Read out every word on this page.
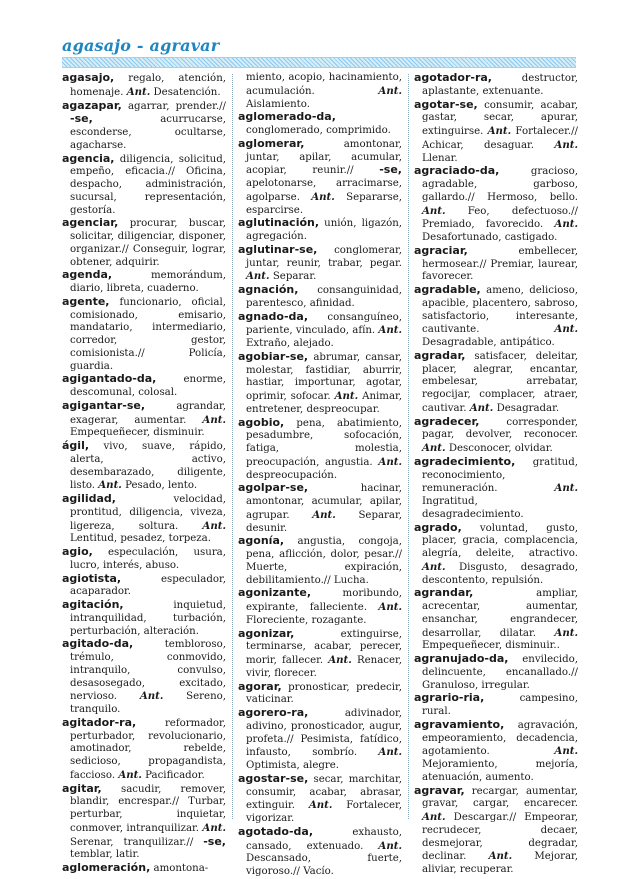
agasajo - agravar

agasajo, regalo, atención, homenaje. Ant. Desatención.

agazapar, agarrar, prender.// -se, acurrucarse, esconderse, ocultarse, agacharse.

agencia, diligencia, solicitud, empeño, eficacia.// Oficina, despacho, administración, sucursal, representación, gestoría.

agenciar, procurar, buscar, solicitar, diligenciar, disponer, organizar.// Conseguir, lograr, obtener, adquirir.

agenda, memorándum, diario, libreta, cuaderno.

agente, funcionario, oficial, comisionado, emisario, mandatario, intermediario, corredor, gestor, comisionista.// Policía, guardia.

agigantado-da, enorme, descomunal, colosal.

agigantar-se, agrandar, exagerar, aumentar. Ant. Empequeñecer, disminuir.

ágil, vivo, suave, rápido, alerta, activo, desembarazado, diligente, listo. Ant. Pesado, lento.

agilidad, velocidad, prontitud, diligencia, viveza, ligereza, soltura. Ant. Lentitud, pesadez, torpeza.

agio, especulación, usura, lucro, interés, abuso.

agiotista, especulador, acaparador.

agitación, inquietud, intranquilidad, turbación, perturbación, alteración.

agitado-da, tembloroso, trémulo, conmovido, intranquilo, convulso, desasosegado, excitado, nervioso. Ant. Sereno, tranquilo.

agitador-ra, reformador, perturbador, revolucionario, amotinador, rebelde, sedicioso, propagandista, faccioso. Ant. Pacificador.

agitar, sacudir, remover, blandir, encrespar.// Turbar, perturbar, inquietar, conmover, intranquilizar. Ant. Serenar, tranquilizar.// -se, temblar, latir.

aglomeración, amontona-

miento, acopio, hacinamiento, acumulación. Ant. Aislamiento.

aglomerado-da, conglomerado, comprimido.

aglomerar, amontonar, juntar, apilar, acumular, acopiar, reunir.// -se, apelotonarse, arracimarse, agolparse. Ant. Separarse, esparcirse.

aglutinación, unión, ligazón, agregación.

aglutinar-se, conglomerar, juntar, reunir, trabar, pegar. Ant. Separar.

agnación, consanguinidad, parentesco, afinidad.

agnado-da, consanguíneo, pariente, vinculado, afín. Ant. Extraño, alejado.

agobiar-se, abrumar, cansar, molestar, fastidiar, aburrir, hastiar, importunar, agotar, oprimir, sofocar. Ant. Animar, entretener, despreocupar.

agobio, pena, abatimiento, pesadumbre, sofocación, fatiga, molestia, preocupación, angustia. Ant. despreocupación.

agolpar-se, hacinar, amontonar, acumular, apilar, agrupar. Ant. Separar, desunir.

agonía, angustia, congoja, pena, aflicción, dolor, pesar.// Muerte, expiración, debilitamiento.// Lucha.

agonizante, moribundo, expirante, falleciente. Ant. Floreciente, rozagante.

agonizar, extinguirse, terminarse, acabar, perecer, morir, fallecer. Ant. Renacer, vivir, florecer.

agorar, pronosticar, predecir, vaticinar.

agorero-ra, adivinador, adivino, pronosticador, augur, profeta.// Pesimista, fatídico, infausto, sombrío. Ant. Optimista, alegre.

agostar-se, secar, marchitar, consumir, acabar, abrasar, extinguir. Ant. Fortalecer, vigorizar.

agotado-da, exhausto, cansado, extenuado. Ant. Descansado, fuerte, vigoroso.// Vacío.

agotador-ra, destructor, aplastante, extenuante.

agotar-se, consumir, acabar, gastar, secar, apurar, extinguirse. Ant. Fortalecer.// Achicar, desaguar. Ant. Llenar.

agraciado-da, gracioso, agradable, garboso, gallardo.// Hermoso, bello. Ant. Feo, defectuoso.// Premiado, favorecido. Ant. Desafortunado, castigado.

agraciar, embellecer, hermosear.// Premiar, laurear, favorecer.

agradable, ameno, delicioso, apacible, placentero, sabroso, satisfactorio, interesante, cautivante. Ant. Desagradable, antipático.

agradar, satisfacer, deleitar, placer, alegrar, encantar, embelesar, arrebatar, regocijar, complacer, atraer, cautivar. Ant. Desagradar.

agradecer, corresponder, pagar, devolver, reconocer. Ant. Desconocer, olvidar.

agradecimiento, gratitud, reconocimiento, remuneración. Ant. Ingratitud, desagradecimiento.

agrado, voluntad, gusto, placer, gracia, complacencia, alegría, deleite, atractivo. Ant. Disgusto, desagrado, descontento, repulsión.

agrandar, ampliar, acrecentar, aumentar, ensanchar, engrandecer, desarrollar, dilatar. Ant. Empequeñecer, disminuir..

agranujado-da, envilecido, delincuente, encanallado.// Granuloso, irregular.

agrario-ria, campesino, rural.

agravamiento, agravación, empeoramiento, decadencia, agotamiento. Ant. Mejoramiento, mejoría, atenuación, aumento.

agravar, recargar, aumentar, gravar, cargar, encarecer. Ant. Descargar.// Empeorar, recrudecer, decaer, desmejorar, degradar, declinar. Ant. Mejorar, aliviar, recuperar.
